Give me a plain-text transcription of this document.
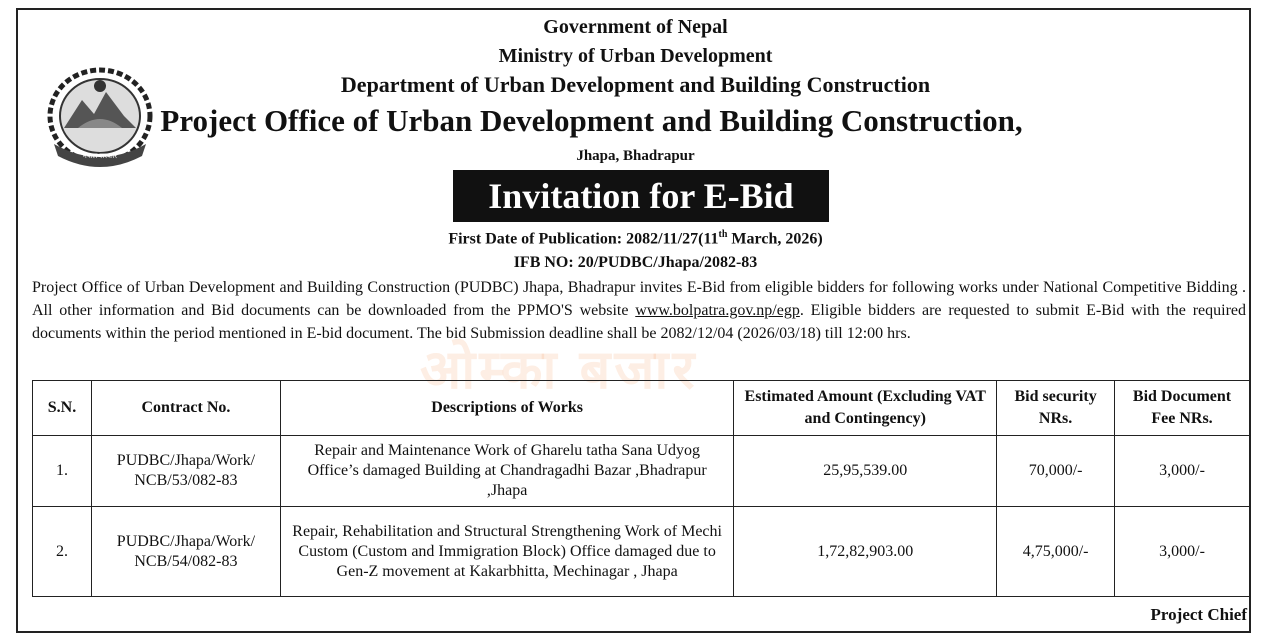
नेपाल सरकार
Government of Nepal
Ministry of Urban Development
Department of Urban Development and Building Construction
Project Office of Urban Development and Building Construction,
Jhapa, Bhadrapur
Invitation for E-Bid
First Date of Publication: 2082/11/27(11th March, 2026)
IFB NO: 20/PUDBC/Jhapa/2082-83
ओम्का बजार
Project Office of Urban Development and Building Construction (PUDBC) Jhapa, Bhadrapur invites E-Bid from eligible bidders for following works under National Competitive Bidding . All other information and Bid documents can be downloaded from the PPMO'S website www.bolpatra.gov.np/egp. Eligible bidders are requested to submit E-Bid with the required documents within the period mentioned in E-bid document. The bid Submission deadline shall be 2082/12/04 (2026/03/18) till 12:00 hrs.
S.N.	Contract No.	Descriptions of Works	Estimated Amount (Excluding VAT and Contingency)	Bid security NRs.	Bid Document Fee NRs.
1.	PUDBC/Jhapa/Work/ NCB/53/082-83	Repair and Maintenance Work of Gharelu tatha Sana Udyog Office’s damaged Building at Chandragadhi Bazar ,Bhadrapur ,Jhapa	25,95,539.00	70,000/-	3,000/-
2.	PUDBC/Jhapa/Work/ NCB/54/082-83	Repair, Rehabilitation and Structural Strengthening Work of Mechi Custom (Custom and Immigration Block) Office damaged due to Gen-Z movement at Kakarbhitta, Mechinagar , Jhapa	1,72,82,903.00	4,75,000/-	3,000/-
Project Chief
